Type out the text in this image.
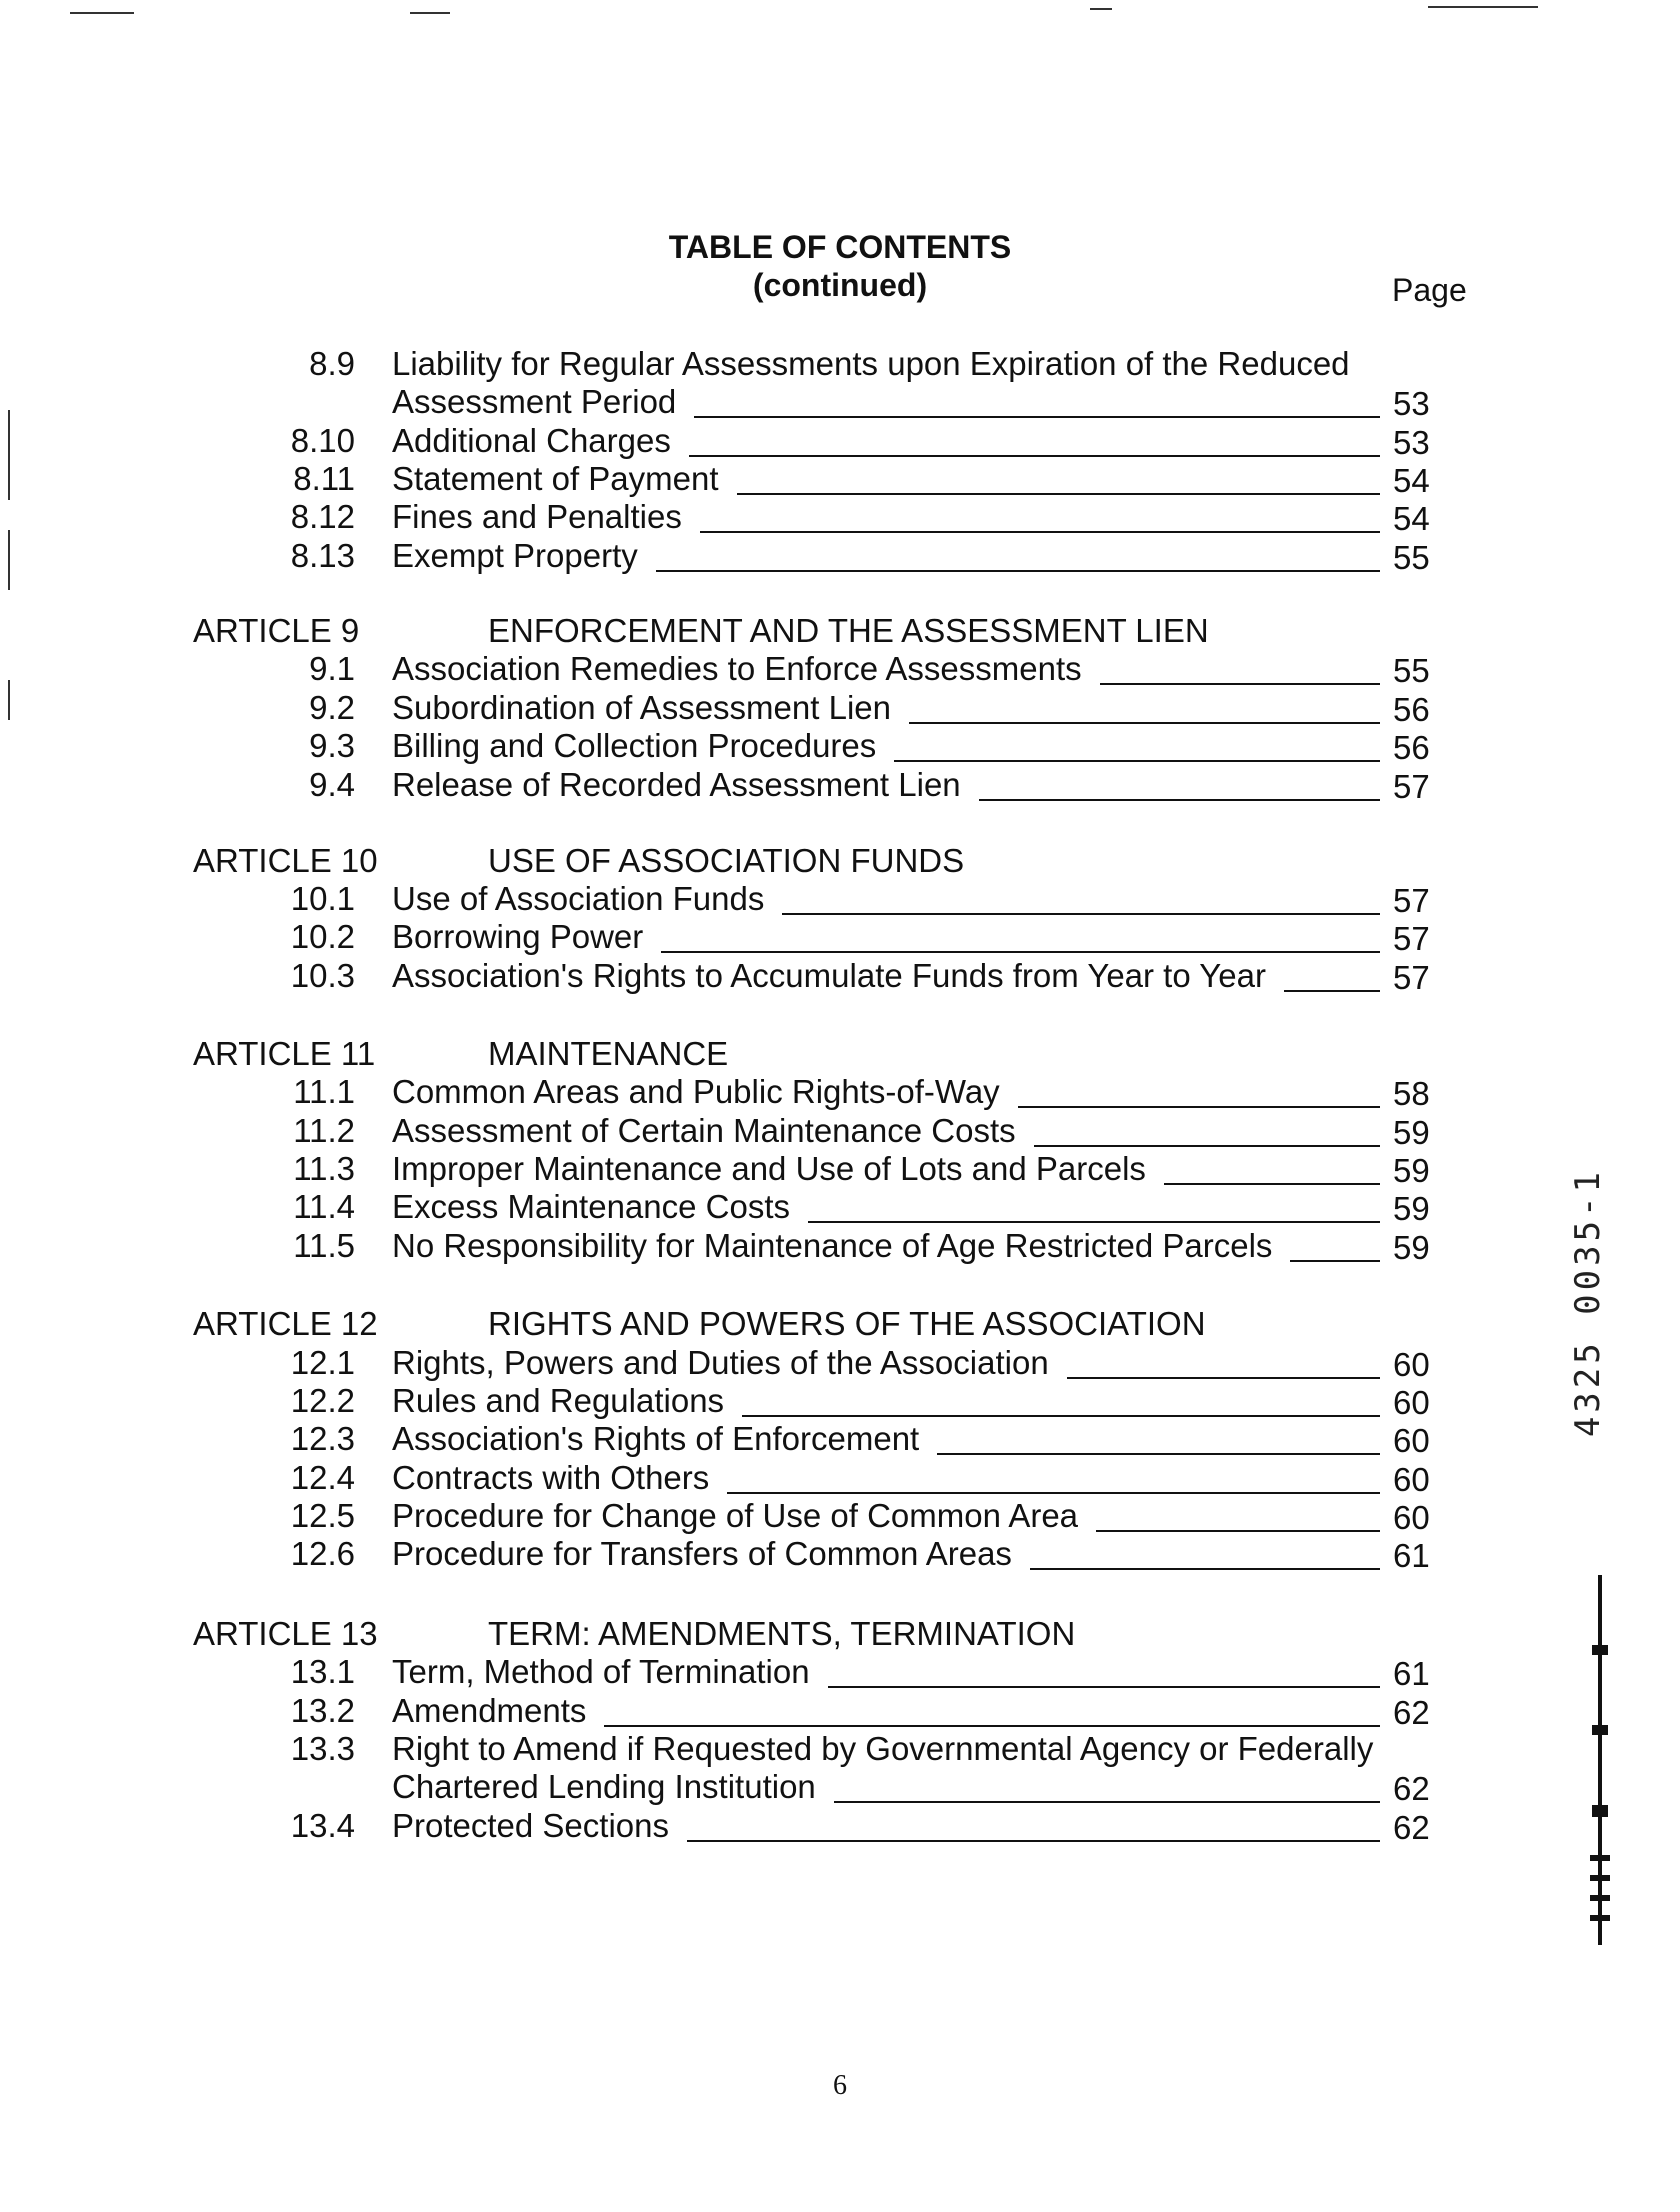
TABLE OF CONTENTS
(continued)	Page
8.9 Liability for Regular Assessments upon Expiration of the Reduced
Assessment Period	53
8.10 Additional Charges	53
8.11 Statement of Payment	54
8.12 Fines and Penalties	54
8.13 Exempt Property	55
ARTICLE 9	ENFORCEMENT AND THE ASSESSMENT LIEN
9.1 Association Remedies to Enforce Assessments	55
9.2 Subordination of Assessment Lien	56
9.3 Billing and Collection Procedures	56
9.4 Release of Recorded Assessment Lien	57
ARTICLE 10	USE OF ASSOCIATION FUNDS
10.1 Use of Association Funds	57
10.2 Borrowing Power	57
10.3 Association's Rights to Accumulate Funds from Year to Year	57
ARTICLE 11	MAINTENANCE
11.1 Common Areas and Public Rights-of-Way	58
11.2 Assessment of Certain Maintenance Costs	59
11.3 Improper Maintenance and Use of Lots and Parcels	59
11.4 Excess Maintenance Costs	59
11.5 No Responsibility for Maintenance of Age Restricted Parcels	59
ARTICLE 12	RIGHTS AND POWERS OF THE ASSOCIATION
12.1 Rights, Powers and Duties of the Association	60
12.2 Rules and Regulations	60
12.3 Association's Rights of Enforcement	60
12.4 Contracts with Others	60
12.5 Procedure for Change of Use of Common Area	60
12.6 Procedure for Transfers of Common Areas	61
ARTICLE 13	TERM: AMENDMENTS, TERMINATION
13.1 Term, Method of Termination	61
13.2 Amendments	62
13.3 Right to Amend if Requested by Governmental Agency or Federally
Chartered Lending Institution	62
13.4 Protected Sections	62
6
4325 0035-1
